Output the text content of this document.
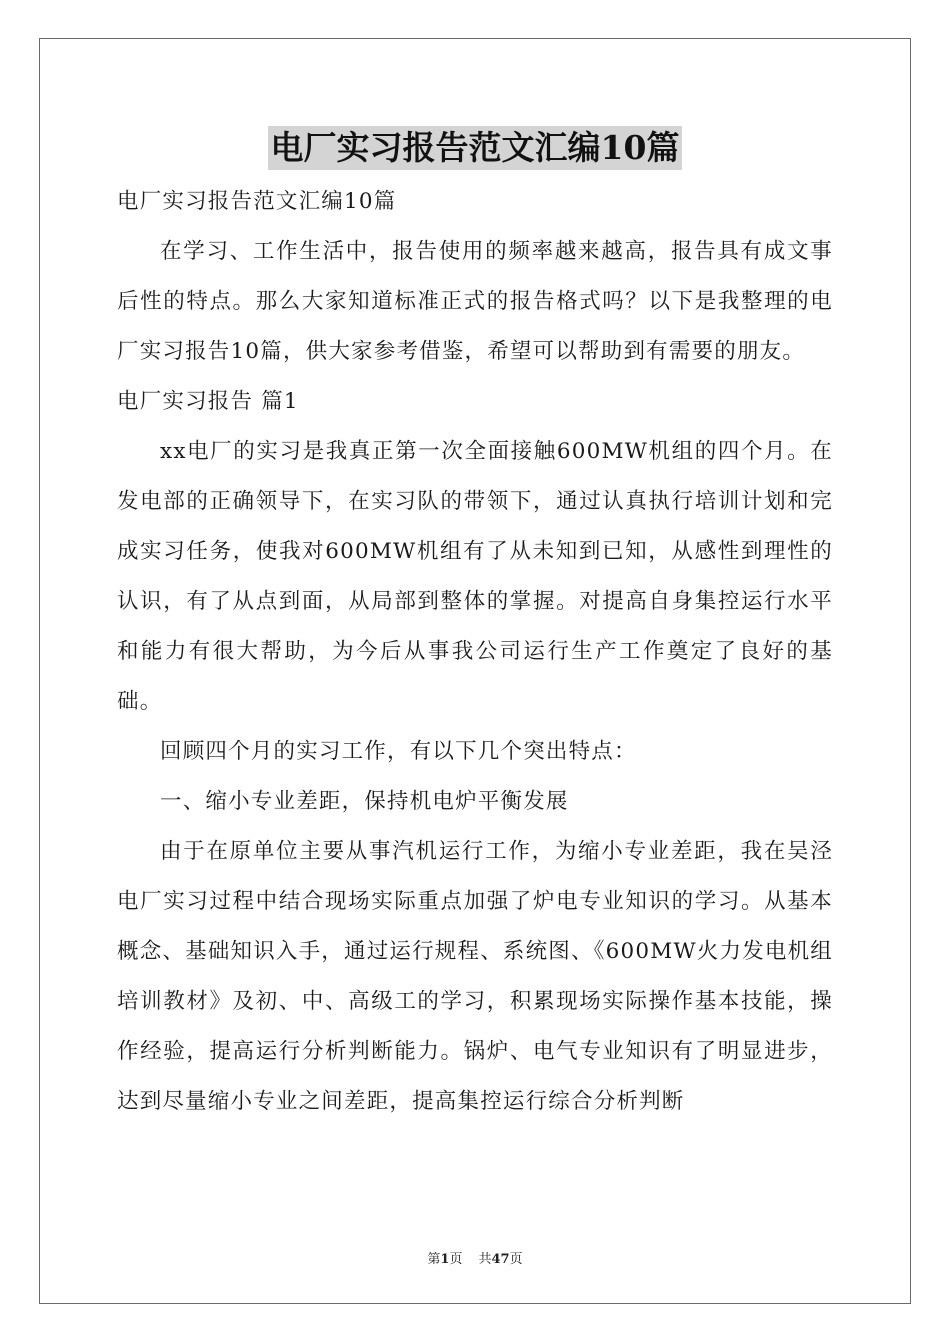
电厂实习报告范文汇编10篇

电厂实习报告范文汇编10篇

在学习、工作生活中，报告使用的频率越来越高，报告具有成文事后性的特点。那么大家知道标准正式的报告格式吗？以下是我整理的电厂实习报告10篇，供大家参考借鉴，希望可以帮助到有需要的朋友。

电厂实习报告 篇1

xx电厂的实习是我真正第一次全面接触600MW机组的四个月。在发电部的正确领导下，在实习队的带领下，通过认真执行培训计划和完成实习任务，使我对600MW机组有了从未知到已知，从感性到理性的认识，有了从点到面，从局部到整体的掌握。对提高自身集控运行水平和能力有很大帮助，为今后从事我公司运行生产工作奠定了良好的基础。

回顾四个月的实习工作，有以下几个突出特点：

一、缩小专业差距，保持机电炉平衡发展

由于在原单位主要从事汽机运行工作，为缩小专业差距，我在吴泾电厂实习过程中结合现场实际重点加强了炉电专业知识的学习。从基本概念、基础知识入手，通过运行规程、系统图、《600MW火力发电机组培训教材》及初、中、高级工的学习，积累现场实际操作基本技能，操作经验，提高运行分析判断能力。锅炉、电气专业知识有了明显进步，达到尽量缩小专业之间差距，提高集控运行综合分析判断

第1页 共47页
